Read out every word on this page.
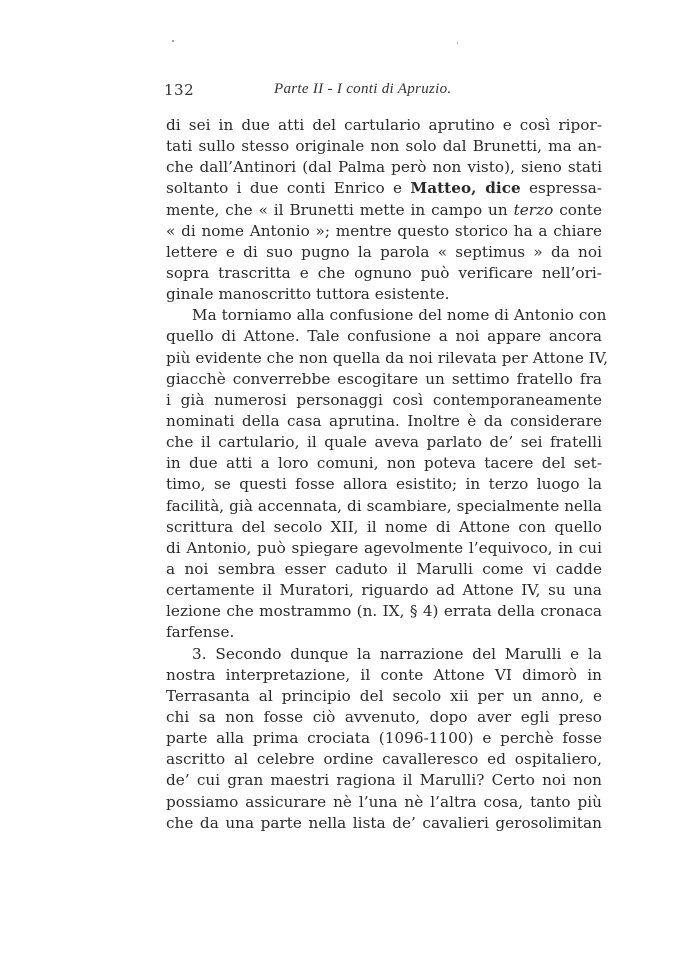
132	Parte II - I conti di Apruzio.
di sei in due atti del cartulario aprutino e così ripor-
tati sullo stesso originale non solo dal Brunetti, ma an-
che dall’Antinori (dal Palma però non visto), sieno stati
soltanto i due conti Enrico e Matteo, dice espressa-
mente, che « il Brunetti mette in campo un terzo conte
« di nome Antonio »; mentre questo storico ha a chiare
lettere e di suo pugno la parola « septimus » da noi
sopra trascritta e che ognuno può verificare nell’ori-
ginale manoscritto tuttora esistente.
Ma torniamo alla confusione del nome di Antonio con
quello di Attone. Tale confusione a noi appare ancora
più evidente che non quella da noi rilevata per Attone IV,
giacchè converrebbe escogitare un settimo fratello fra
i già numerosi personaggi così contemporaneamente
nominati della casa aprutina. Inoltre è da considerare
che il cartulario, il quale aveva parlato de’ sei fratelli
in due atti a loro comuni, non poteva tacere del set-
timo, se questi fosse allora esistito; in terzo luogo la
facilità, già accennata, di scambiare, specialmente nella
scrittura del secolo XII, il nome di Attone con quello
di Antonio, può spiegare agevolmente l’equivoco, in cui
a noi sembra esser caduto il Marulli come vi cadde
certamente il Muratori, riguardo ad Attone IV, su una
lezione che mostrammo (n. IX, § 4) errata della cronaca
farfense.
3. Secondo dunque la narrazione del Marulli e la
nostra interpretazione, il conte Attone VI dimorò in
Terrasanta al principio del secolo xii per un anno, e
chi sa non fosse ciò avvenuto, dopo aver egli preso
parte alla prima crociata (1096-1100) e perchè fosse
ascritto al celebre ordine cavalleresco ed ospitaliero,
de’ cui gran maestri ragiona il Marulli? Certo noi non
possiamo assicurare nè l’una nè l’altra cosa, tanto più
che da una parte nella lista de’ cavalieri gerosolimitan
